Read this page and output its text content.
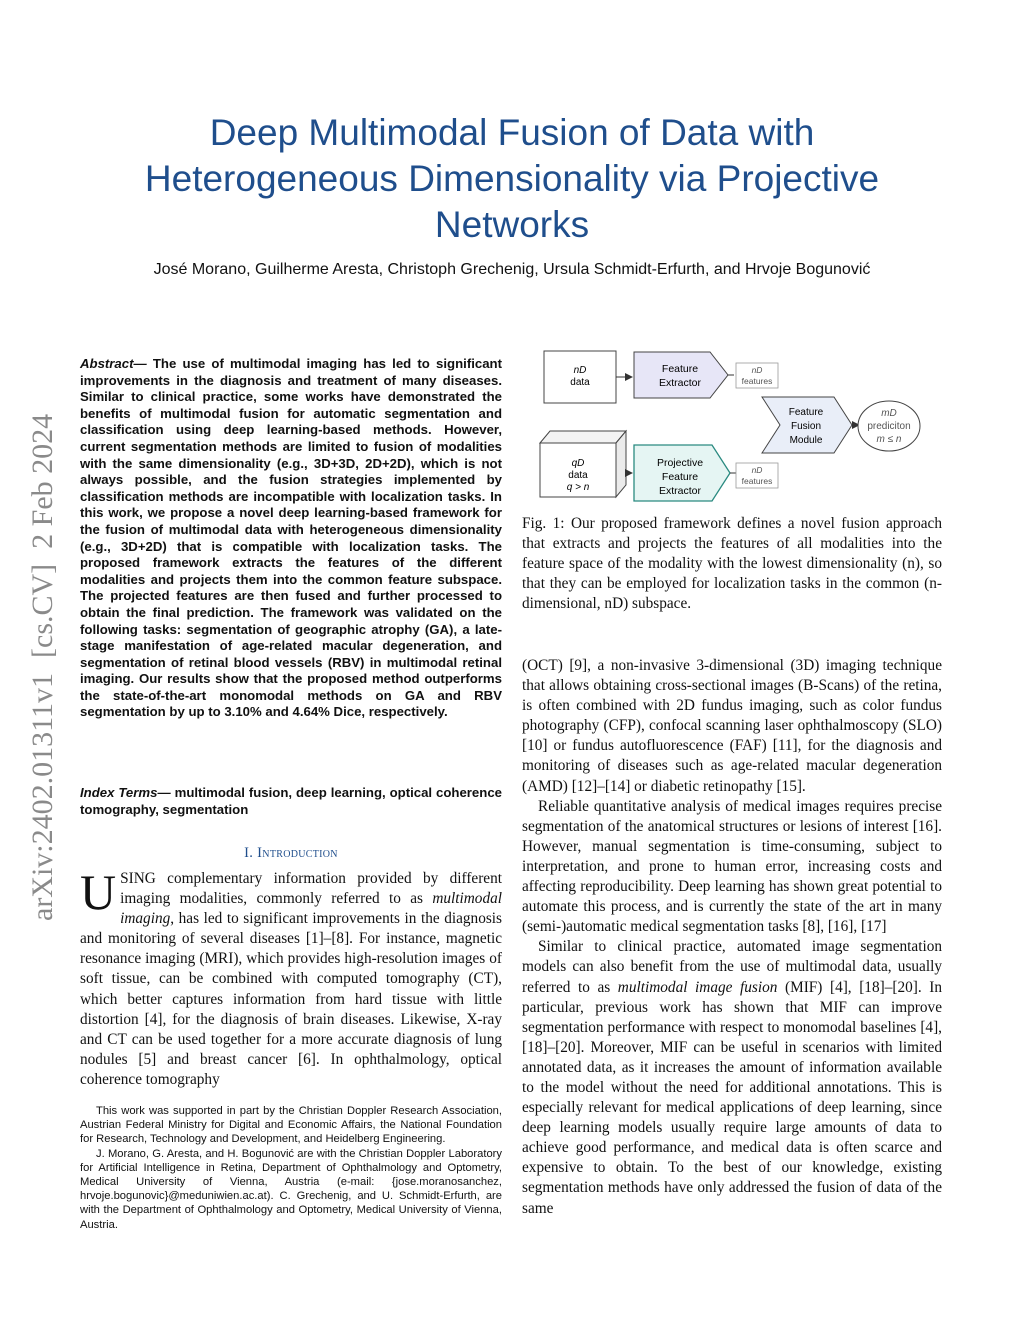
Deep Multimodal Fusion of Data with
Heterogeneous Dimensionality via Projective
Networks
José Morano, Guilherme Aresta, Christoph Grechenig, Ursula Schmidt-Erfurth, and Hrvoje Bogunović
arXiv:2402.01311v1  [cs.CV]  2 Feb 2024
Abstract— The use of multimodal imaging has led to significant improvements in the diagnosis and treatment of many diseases. Similar to clinical practice, some works have demonstrated the benefits of multimodal fusion for automatic segmentation and classification using deep learning-based methods. However, current segmentation methods are limited to fusion of modalities with the same dimensionality (e.g., 3D+3D, 2D+2D), which is not always possible, and the fusion strategies implemented by classification methods are incompatible with localization tasks. In this work, we propose a novel deep learning-based framework for the fusion of multimodal data with heterogeneous dimensionality (e.g., 3D+2D) that is compatible with localization tasks. The proposed framework extracts the features of the different modalities and projects them into the common feature subspace. The projected features are then fused and further processed to obtain the final prediction. The framework was validated on the following tasks: segmentation of geographic atrophy (GA), a late-stage manifestation of age-related macular degeneration, and segmentation of retinal blood vessels (RBV) in multimodal retinal imaging. Our results show that the proposed method outperforms the state-of-the-art monomodal methods on GA and RBV segmentation by up to 3.10% and 4.64% Dice, respectively.
Index Terms— multimodal fusion, deep learning, optical coherence tomography, segmentation
I. Introduction
USING complementary information provided by different imaging modalities, commonly referred to as multimodal imaging, has led to significant improvements in the diagnosis and monitoring of several diseases [1]–[8]. For instance, magnetic resonance imaging (MRI), which provides high-resolution images of soft tissue, can be combined with computed tomography (CT), which better captures information from hard tissue with little distortion [4], for the diagnosis of brain diseases. Likewise, X-ray and CT can be used together for a more accurate diagnosis of lung nodules [5] and breast cancer [6]. In ophthalmology, optical coherence tomography

This work was supported in part by the Christian Doppler Research Association, Austrian Federal Ministry for Digital and Economic Affairs, the National Foundation for Research, Technology and Development, and Heidelberg Engineering.

J. Morano, G. Aresta, and H. Bogunović are with the Christian Doppler Laboratory for Artificial Intelligence in Retina, Department of Ophthalmology and Optometry, Medical University of Vienna, Austria (e-mail: {jose.moranosanchez, hrvoje.bogunovic}@meduniwien.ac.at). C. Grechenig, and U. Schmidt-Erfurth, are with the Department of Ophthalmology and Optometry, Medical University of Vienna, Austria.

nD
data
Feature
Extractor
nD
features
Feature
Fusion
Module
mD
prediciton
m ≤ n
qD
data
q > n
Projective
Feature
Extractor
nD
features
Fig. 1: Our proposed framework defines a novel fusion approach that extracts and projects the features of all modalities into the feature space of the modality with the lowest dimensionality (n), so that they can be employed for localization tasks in the common (n-dimensional, nD) subspace.

(OCT) [9], a non-invasive 3-dimensional (3D) imaging technique that allows obtaining cross-sectional images (B-Scans) of the retina, is often combined with 2D fundus imaging, such as color fundus photography (CFP), confocal scanning laser ophthalmoscopy (SLO) [10] or fundus autofluorescence (FAF) [11], for the diagnosis and monitoring of diseases such as age-related macular degeneration (AMD) [12]–[14] or diabetic retinopathy [15].

Reliable quantitative analysis of medical images requires precise segmentation of the anatomical structures or lesions of interest [16]. However, manual segmentation is time-consuming, subject to interpretation, and prone to human error, increasing costs and affecting reproducibility. Deep learning has shown great potential to automate this process, and is currently the state of the art in many (semi-)automatic medical segmentation tasks [8], [16], [17]

Similar to clinical practice, automated image segmentation models can also benefit from the use of multimodal data, usually referred to as multimodal image fusion (MIF) [4], [18]–[20]. In particular, previous work has shown that MIF can improve segmentation performance with respect to monomodal baselines [4], [18]–[20]. Moreover, MIF can be useful in scenarios with limited annotated data, as it increases the amount of information available to the model without the need for additional annotations. This is especially relevant for medical applications of deep learning, since deep learning models usually require large amounts of data to achieve good performance, and medical data is often scarce and expensive to obtain. To the best of our knowledge, existing segmentation methods have only addressed the fusion of data of the same
